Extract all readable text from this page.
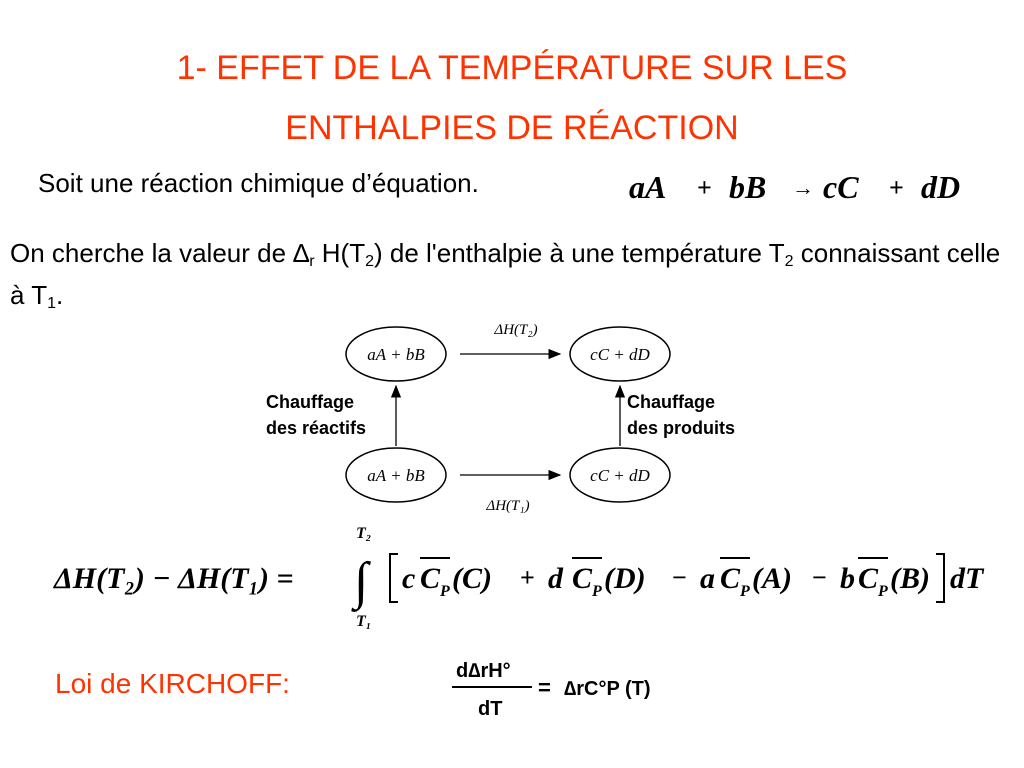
1- EFFET DE LA TEMPÉRATURE SUR LES
ENTHALPIES DE RÉACTION
Soit une réaction chimique d’équation.	aA + bB → cC + dD
On cherche la valeur de $\Delta_r$ $H(T_2)$ de l'enthalpie à une température $T_2$ connaissant celle à $T_1$.
aA + bB	cC + dD
aA + bB	cC + dD
ΔH(T₂)
ΔH(T₁)
Chauffage
des réactifs
Chauffage
des produits
ΔH(T₂) − ΔH(T₁) =
T₂
∫
T₁
c C P (C) + d C P (D) − a C P (A) − b C P (B) dT
Loi de KIRCHOFF:	d∆rH°
dT
= ∆rC°P (T)
